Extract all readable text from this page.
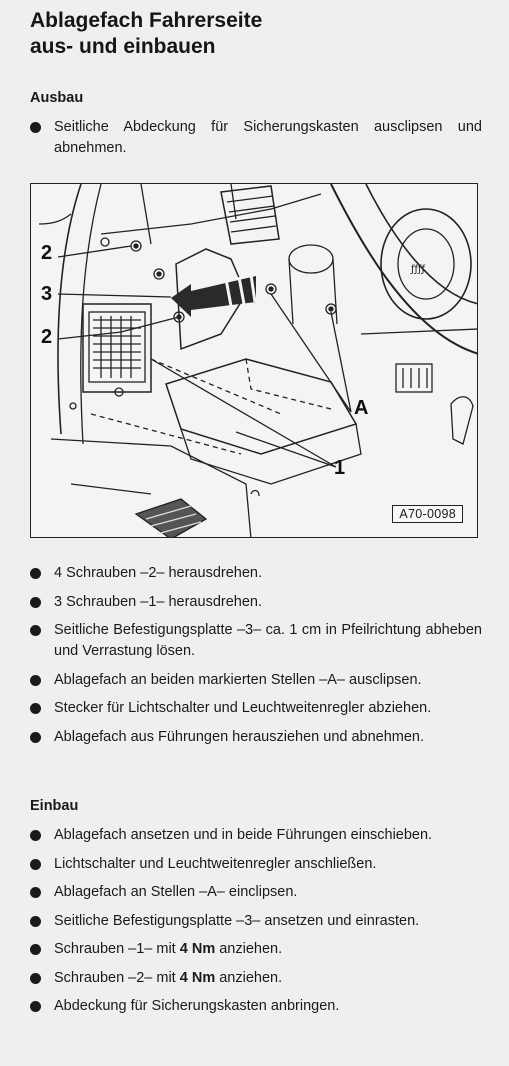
Ablagefach Fahrerseite
aus- und einbauen
Ausbau
Seitliche Abdeckung für Sicherungskasten ausclipsen und abnehmen.
ƒƒƒƒ
2
3
2
A
1
A70-0098
4 Schrauben –2– herausdrehen.
3 Schrauben –1– herausdrehen.
Seitliche Befestigungsplatte –3– ca. 1 cm in Pfeilrichtung abheben und Verrastung lösen.
Ablagefach an beiden markierten Stellen –A– ausclipsen.
Stecker für Lichtschalter und Leuchtweitenregler abziehen.
Ablagefach aus Führungen herausziehen und abnehmen.
Einbau
Ablagefach ansetzen und in beide Führungen einschieben.
Lichtschalter und Leuchtweitenregler anschließen.
Ablagefach an Stellen –A– einclipsen.
Seitliche Befestigungsplatte –3– ansetzen und einrasten.
Schrauben –1– mit 4 Nm anziehen.
Schrauben –2– mit 4 Nm anziehen.
Abdeckung für Sicherungskasten anbringen.
